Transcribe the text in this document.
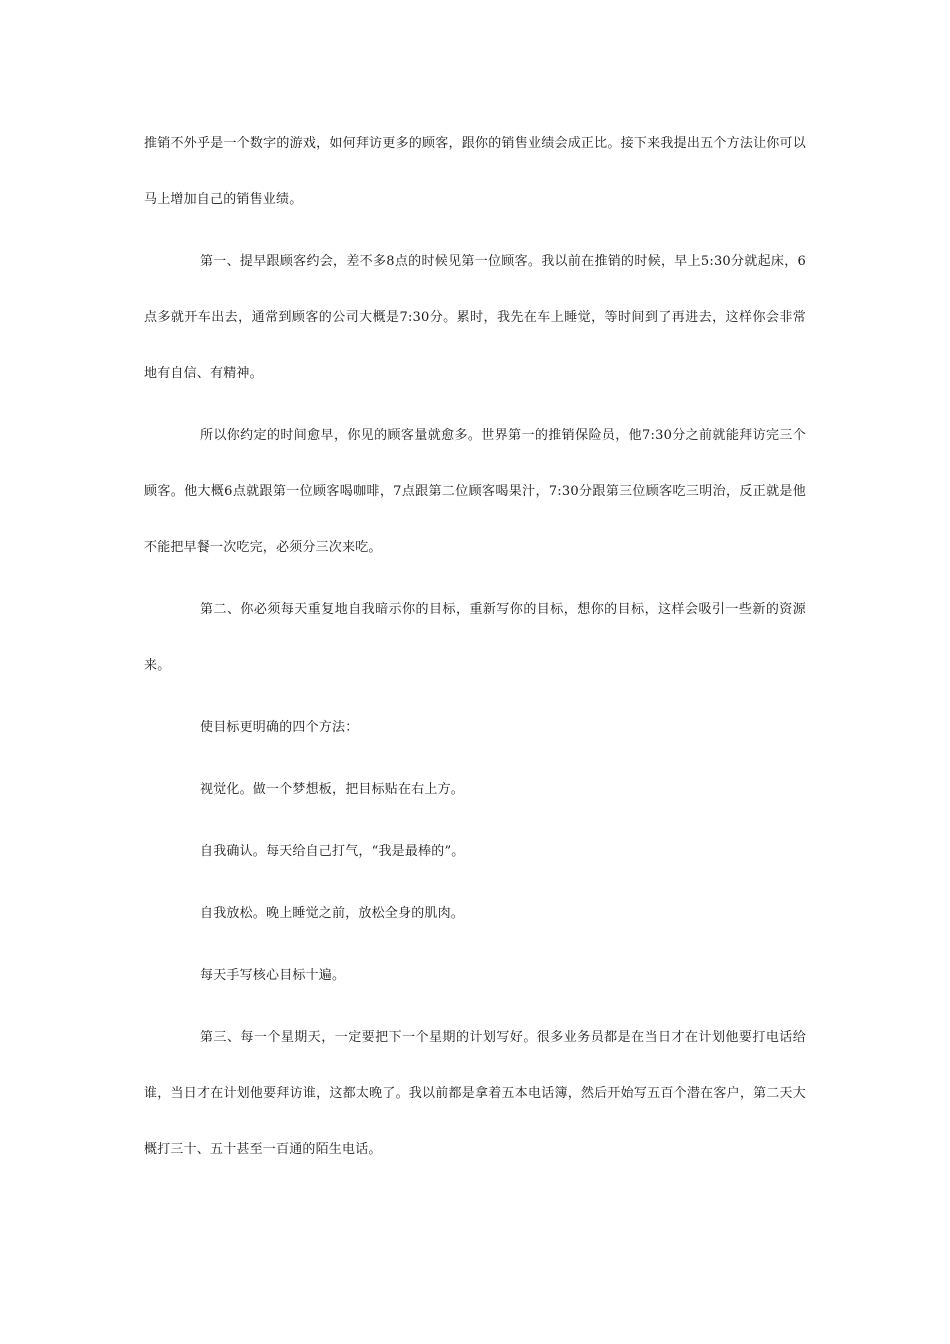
推销不外乎是一个数字的游戏，如何拜访更多的顾客，跟你的销售业绩会成正比。接下来我提出五个方法让你可以马上增加自己的销售业绩。

第一、提早跟顾客约会，差不多8点的时候见第一位顾客。我以前在推销的时候，早上5:30分就起床，6点多就开车出去，通常到顾客的公司大概是7:30分。累时，我先在车上睡觉，等时间到了再进去，这样你会非常地有自信、有精神。

所以你约定的时间愈早，你见的顾客量就愈多。世界第一的推销保险员，他7:30分之前就能拜访完三个顾客。他大概6点就跟第一位顾客喝咖啡，7点跟第二位顾客喝果汁，7:30分跟第三位顾客吃三明治，反正就是他不能把早餐一次吃完，必须分三次来吃。

第二、你必须每天重复地自我暗示你的目标，重新写你的目标，想你的目标，这样会吸引一些新的资源来。

使目标更明确的四个方法：

视觉化。做一个梦想板，把目标贴在右上方。

自我确认。每天给自己打气，“我是最棒的”。

自我放松。晚上睡觉之前，放松全身的肌肉。

每天手写核心目标十遍。

第三、每一个星期天，一定要把下一个星期的计划写好。很多业务员都是在当日才在计划他要打电话给谁，当日才在计划他要拜访谁，这都太晚了。我以前都是拿着五本电话簿，然后开始写五百个潜在客户，第二天大概打三十、五十甚至一百通的陌生电话。
